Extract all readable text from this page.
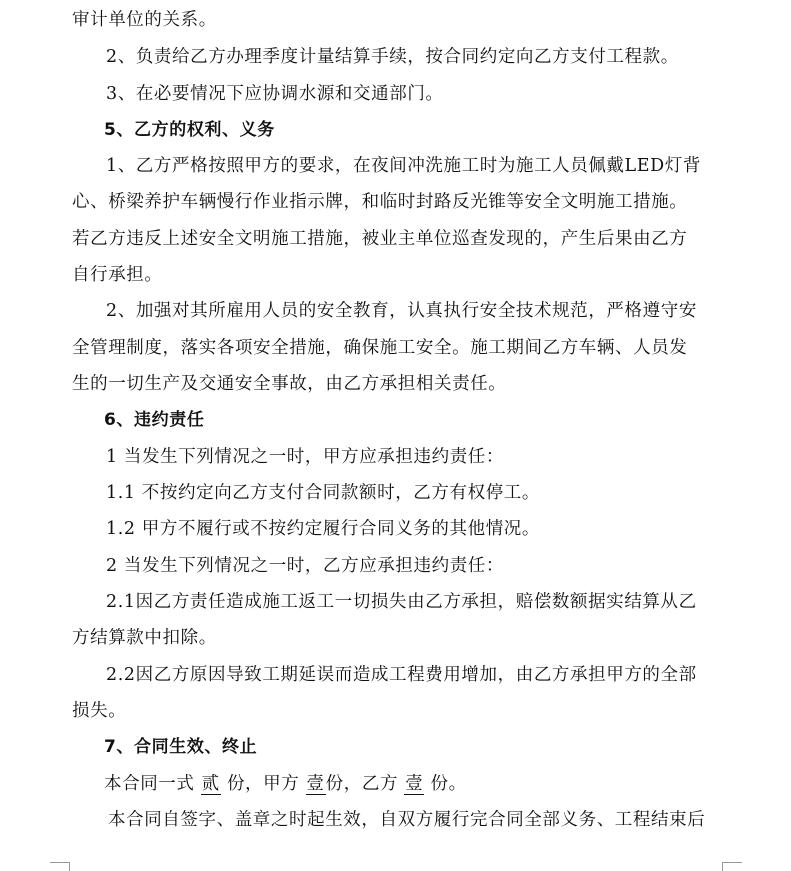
审计单位的关系。
2、负责给乙方办理季度计量结算手续，按合同约定向乙方支付工程款。
3、在必要情况下应协调水源和交通部门。
5、乙方的权利、义务
1、乙方严格按照甲方的要求，在夜间冲洗施工时为施工人员佩戴LED灯背
心、桥梁养护车辆慢行作业指示牌，和临时封路反光锥等安全文明施工措施。
若乙方违反上述安全文明施工措施，被业主单位巡查发现的，产生后果由乙方
自行承担。
2、加强对其所雇用人员的安全教育，认真执行安全技术规范，严格遵守安
全管理制度，落实各项安全措施，确保施工安全。施工期间乙方车辆、人员发
生的一切生产及交通安全事故，由乙方承担相关责任。
6、违约责任
1 当发生下列情况之一时，甲方应承担违约责任：
1.1 不按约定向乙方支付合同款额时，乙方有权停工。
1.2 甲方不履行或不按约定履行合同义务的其他情况。
2 当发生下列情况之一时，乙方应承担违约责任：
2.1因乙方责任造成施工返工一切损失由乙方承担，赔偿数额据实结算从乙
方结算款中扣除。
2.2因乙方原因导致工期延误而造成工程费用增加，由乙方承担甲方的全部
损失。
7、合同生效、终止
本合同一式 贰 份，甲方 壹份，乙方 壹 份。
本合同自签字、盖章之时起生效，自双方履行完合同全部义务、工程结束后
